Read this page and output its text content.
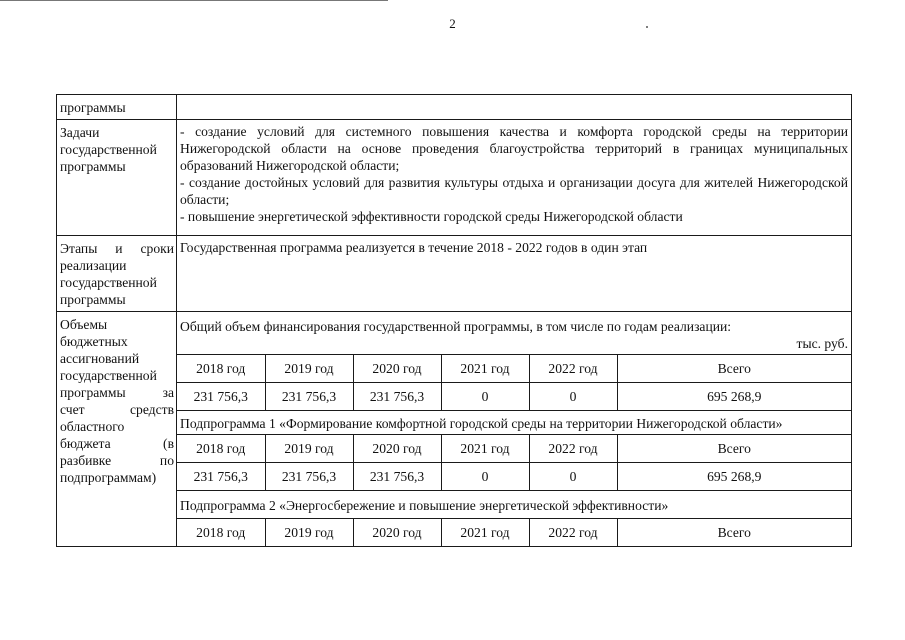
2
программы

Задачи
государственной
программы

- создание условий для системного повышения качества и комфорта городской среды на территории Нижегородской области на основе проведения благоустройства территорий в границах муниципальных образований Нижегородской области;
- создание достойных условий для развития культуры отдыха и организации досуга для жителей Нижегородской области;
- повышение энергетической эффективности городской среды Нижегородской области

Этапы и сроки
реализации
государственной
программы

Государственная программа реализуется в течение 2018 - 2022 годов в один этап

Объемы
бюджетных
ассигнований
государственной
программы за
счет средств
областного
бюджета (в
разбивке по
подпрограммам)

Общий объем финансирования государственной программы, в том числе по годам реализации:
тыс. руб.
2018 год	2019 год	2020 год	2021 год	2022 год	Всего
231 756,3	231 756,3	231 756,3	0	0	695 268,9
Подпрограмма 1 «Формирование комфортной городской среды на территории Нижегородской области»
2018 год	2019 год	2020 год	2021 год	2022 год	Всего
231 756,3	231 756,3	231 756,3	0	0	695 268,9
Подпрограмма 2 «Энергосбережение и повышение энергетической эффективности»
2018 год	2019 год	2020 год	2021 год	2022 год	Всего
